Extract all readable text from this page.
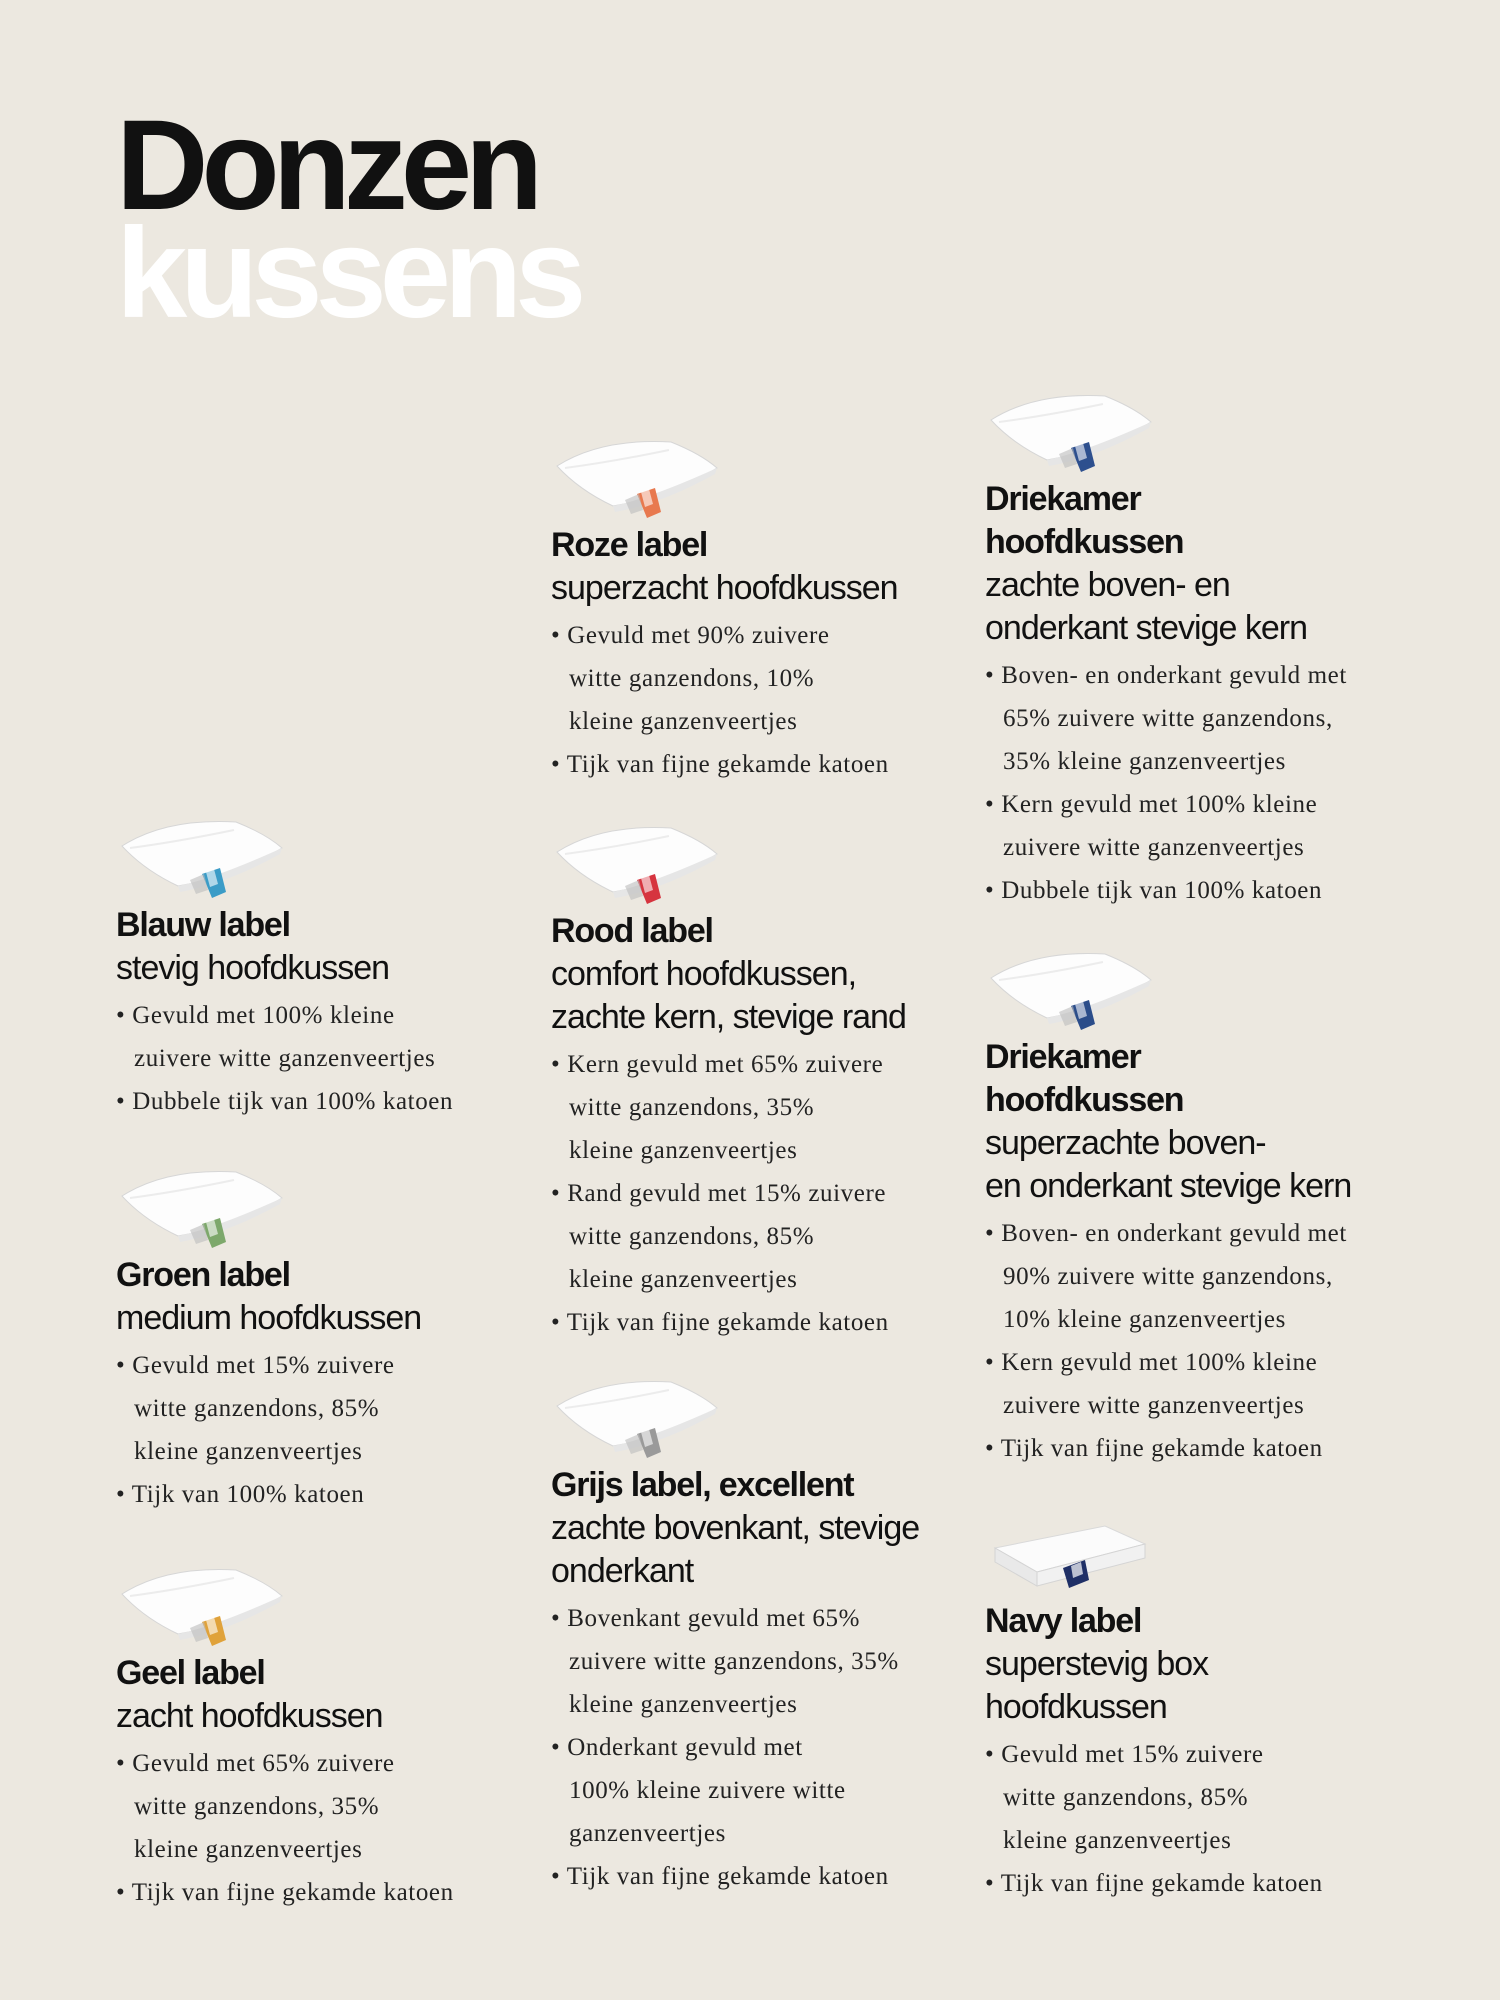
Donzen
kussens

Roze label

superzacht hoofdkussen

• Gevuld met 90% zuivere
witte ganzendons, 10%
kleine ganzenveertjes
• Tijk van fijne gekamde katoen

Driekamer

hoofdkussen

zachte boven- en

onderkant stevige kern

• Boven- en onderkant gevuld met
65% zuivere witte ganzendons,
35% kleine ganzenveertjes
• Kern gevuld met 100% kleine
zuivere witte ganzenveertjes
• Dubbele tijk van 100% katoen

Blauw label

stevig hoofdkussen

• Gevuld met 100% kleine
zuivere witte ganzenveertjes
• Dubbele tijk van 100% katoen

Rood label

comfort hoofdkussen,

zachte kern, stevige rand

• Kern gevuld met 65% zuivere
witte ganzendons, 35%
kleine ganzenveertjes
• Rand gevuld met 15% zuivere
witte ganzendons, 85%
kleine ganzenveertjes
• Tijk van fijne gekamde katoen

Driekamer

hoofdkussen

superzachte boven-

en onderkant stevige kern

• Boven- en onderkant gevuld met
90% zuivere witte ganzendons,
10% kleine ganzenveertjes
• Kern gevuld met 100% kleine
zuivere witte ganzenveertjes
• Tijk van fijne gekamde katoen

Groen label

medium hoofdkussen

• Gevuld met 15% zuivere
witte ganzendons, 85%
kleine ganzenveertjes
• Tijk van 100% katoen	Grijs label, excellent

zachte bovenkant, stevige

onderkant

• Bovenkant gevuld met 65%
zuivere witte ganzendons, 35%
kleine ganzenveertjes
• Onderkant gevuld met
100% kleine zuivere witte
ganzenveertjes
• Tijk van fijne gekamde katoen

Navy label

superstevig box

hoofdkussen

• Gevuld met 15% zuivere
witte ganzendons, 85%
kleine ganzenveertjes
• Tijk van fijne gekamde katoen

Geel label

zacht hoofdkussen

• Gevuld met 65% zuivere
witte ganzendons, 35%
kleine ganzenveertjes
• Tijk van fijne gekamde katoen
